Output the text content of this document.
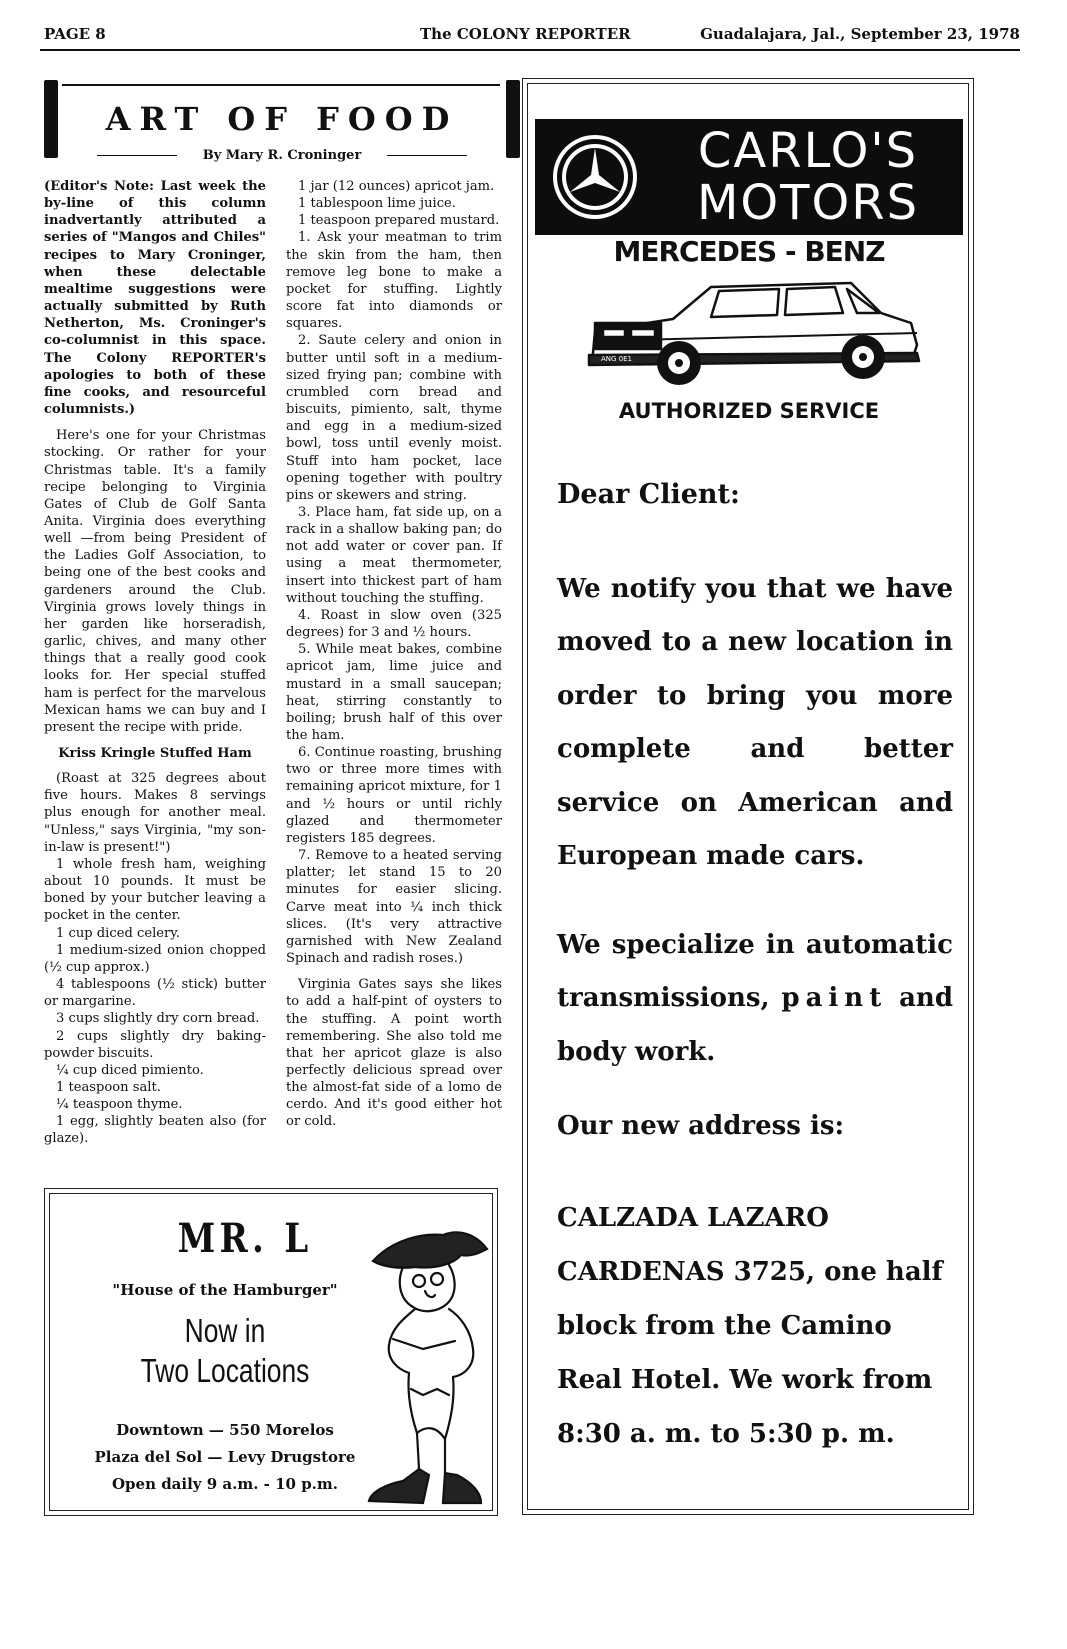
PAGE 8	The COLONY REPORTER	Guadalajara, Jal., September 23, 1978
ART OF FOOD
By Mary R. Croninger

(Editor's Note: Last week the by-line of this column inadvertantly attributed a series of "Mangos and Chiles" recipes to Mary Croninger, when these delectable mealtime suggestions were actually submitted by Ruth Netherton, Ms. Croninger's co-columnist in this space. The Colony REPORTER's apologies to both of these fine cooks, and resourceful columnists.)

Here's one for your Christmas stocking. Or rather for your Christmas table. It's a family recipe belonging to Virginia Gates of Club de Golf Santa Anita. Virginia does everything well —from being President of the Ladies Golf Association, to being one of the best cooks and gardeners around the Club. Virginia grows lovely things in her garden like horseradish, garlic, chives, and many other things that a really good cook looks for. Her special stuffed ham is perfect for the marvelous Mexican hams we can buy and I present the recipe with pride.

Kriss Kringle Stuffed Ham

(Roast at 325 degrees about five hours. Makes 8 servings plus enough for another meal. "Unless," says Virginia, "my son-in-law is present!")

1 whole fresh ham, weighing about 10 pounds. It must be boned by your butcher leaving a pocket in the center.

1 cup diced celery.

1 medium-sized onion chopped (½ cup approx.)

4 tablespoons (½ stick) butter or margarine.

3 cups slightly dry corn bread.

2 cups slightly dry baking-powder biscuits.

¼ cup diced pimiento.

1 teaspoon salt.

¼ teaspoon thyme.

1 egg, slightly beaten also (for glaze).

1 jar (12 ounces) apricot jam.

1 tablespoon lime juice.

1 teaspoon prepared mustard.

1. Ask your meatman to trim the skin from the ham, then remove leg bone to make a pocket for stuffing. Lightly score fat into diamonds or squares.

2. Saute celery and onion in butter until soft in a medium-sized frying pan; combine with crumbled corn bread and biscuits, pimiento, salt, thyme and egg in a medium-sized bowl, toss until evenly moist. Stuff into ham pocket, lace opening together with poultry pins or skewers and string.

3. Place ham, fat side up, on a rack in a shallow baking pan; do not add water or cover pan. If using a meat thermometer, insert into thickest part of ham without touching the stuffing.

4. Roast in slow oven (325 degrees) for 3 and ½ hours.

5. While meat bakes, combine apricot jam, lime juice and mustard in a small saucepan; heat, stirring constantly to boiling; brush half of this over the ham.

6. Continue roasting, brushing two or three more times with remaining apricot mixture, for 1 and ½ hours or until richly glazed and thermometer registers 185 degrees.

7. Remove to a heated serving platter; let stand 15 to 20 minutes for easier slicing. Carve meat into ¼ inch thick slices. (It's very attractive garnished with New Zealand Spinach and radish roses.)

Virginia Gates says she likes to add a half-pint of oysters to the stuffing. A point worth remembering. She also told me that her apricot glaze is also perfectly delicious spread over the almost-fat side of a lomo de cerdo. And it's good either hot or cold.

MR. L
"House of the Hamburger"
Now in
Two Locations
Downtown — 550 Morelos
Plaza del Sol — Levy Drugstore
Open daily 9 a.m. - 10 p.m.
CARLO'S
MOTORS
MERCEDES - BENZ
ANG 0E1
AUTHORIZED SERVICE
Dear Client:
We notify you that we have moved to a new location in order to bring you more complete and better service on American and European made cars.
We specialize in automatic transmissions, paint and body work.
Our new address is:
CALZADA LAZARO CARDENAS 3725, one half block from the Camino Real Hotel. We work from 8:30 a. m. to 5:30 p. m.
